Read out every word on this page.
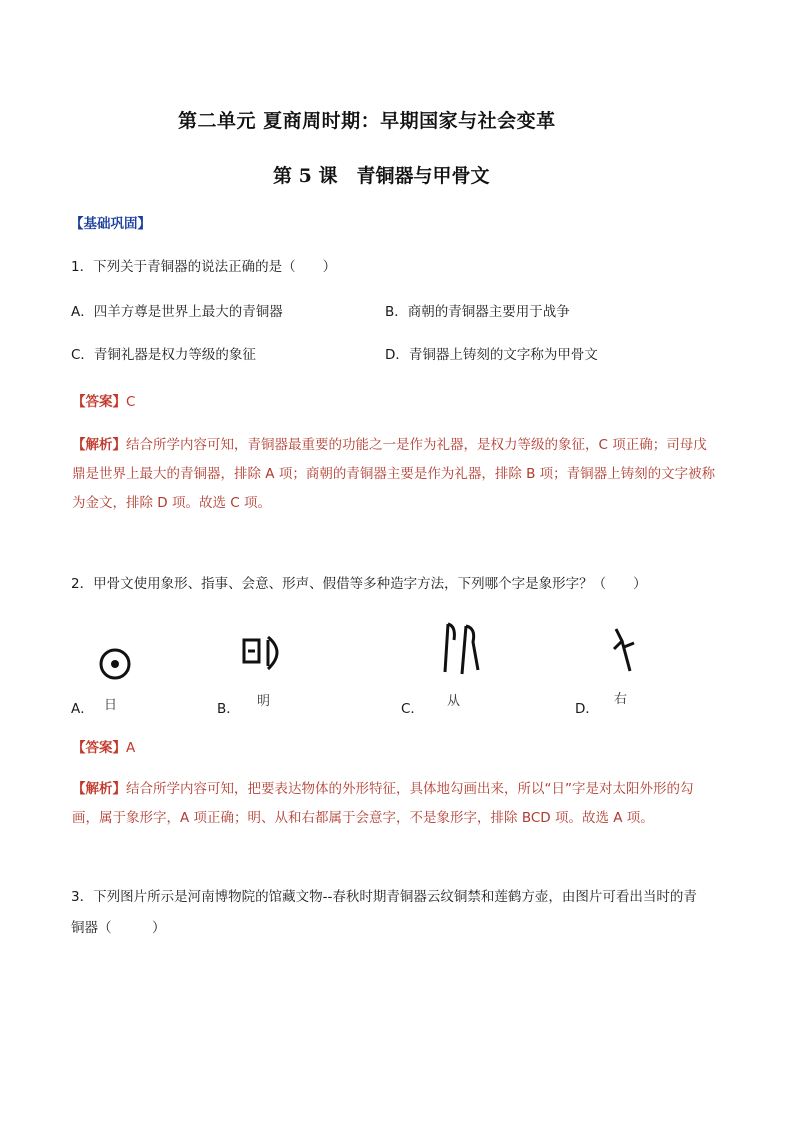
第二单元 夏商周时期：早期国家与社会变革
第 5 课　青铜器与甲骨文
【基础巩固】
1．下列关于青铜器的说法正确的是（　　）
A．四羊方尊是世界上最大的青铜器	B．商朝的青铜器主要用于战争
C．青铜礼器是权力等级的象征	D．青铜器上铸刻的文字称为甲骨文
【答案】C
【解析】结合所学内容可知，青铜器最重要的功能之一是作为礼器，是权力等级的象征，C 项正确；司母戊鼎是世界上最大的青铜器，排除 A 项；商朝的青铜器主要是作为礼器，排除 B 项；青铜器上铸刻的文字被称为金文，排除 D 项。故选 C 项。
2．甲骨文使用象形、指事、会意、形声、假借等多种造字方法，下列哪个字是象形字？（　　）
A． 日	B． 明	C． 从	D．
右
【答案】A
【解析】结合所学内容可知，把要表达物体的外形特征，具体地勾画出来，所以“日”字是对太阳外形的勾画，属于象形字，A 项正确；明、从和右都属于会意字，不是象形字，排除 BCD 项。故选 A 项。
3．下列图片所示是河南博物院的馆藏文物--春秋时期青铜器云纹铜禁和莲鹤方壶，由图片可看出当时的青
铜器（　　　）
